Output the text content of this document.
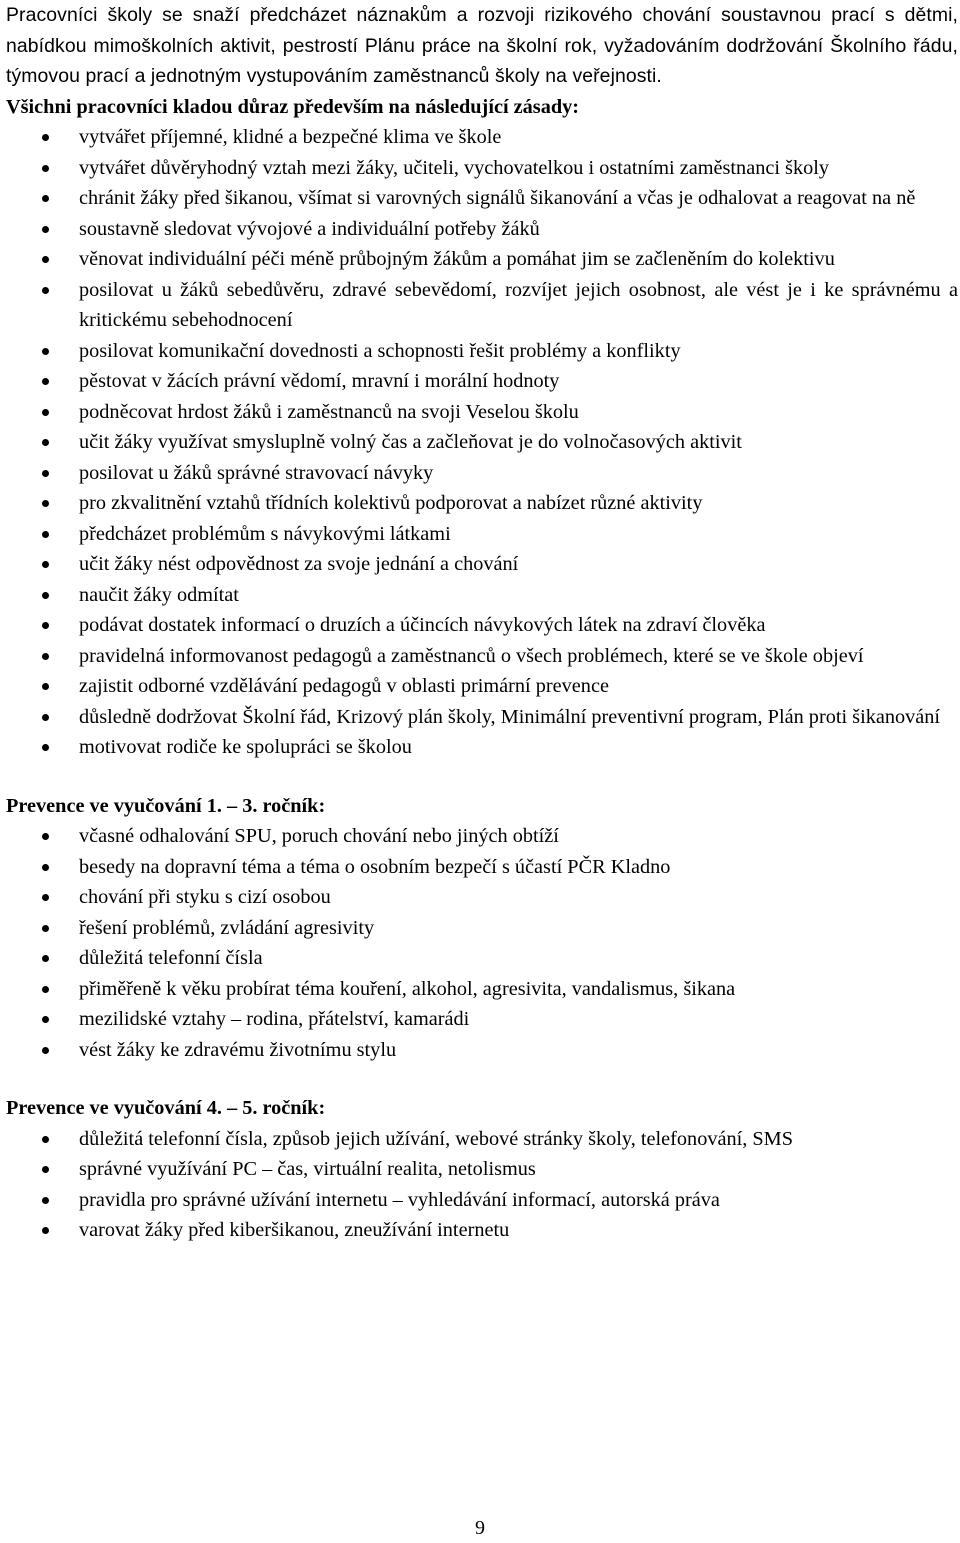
Pracovníci školy se snaží předcházet náznakům a rozvoji rizikového chování soustavnou prací s dětmi, nabídkou mimoškolních aktivit, pestrostí Plánu práce na školní rok, vyžadováním dodržování Školního řádu, týmovou prací a jednotným vystupováním zaměstnanců školy na veřejnosti.

Všichni pracovníci kladou důraz především na následující zásady:

vytvářet příjemné, klidné a bezpečné klima ve škole
vytvářet důvěryhodný vztah mezi žáky, učiteli, vychovatelkou i ostatními zaměstnanci školy
chránit žáky před šikanou, všímat si varovných signálů šikanování a včas je odhalovat a reagovat na ně
soustavně sledovat vývojové a individuální potřeby žáků
věnovat individuální péči méně průbojným žákům a pomáhat jim se začleněním do kolektivu
posilovat u žáků sebedůvěru, zdravé sebevědomí, rozvíjet jejich osobnost, ale vést je i ke správnému a kritickému sebehodnocení
posilovat komunikační dovednosti a schopnosti řešit problémy a konflikty
pěstovat v žácích právní vědomí, mravní i morální hodnoty
podněcovat hrdost žáků i zaměstnanců na svoji Veselou školu
učit žáky využívat smysluplně volný čas a začleňovat je do volnočasových aktivit
posilovat u žáků správné stravovací návyky
pro zkvalitnění vztahů třídních kolektivů podporovat a nabízet různé aktivity
předcházet problémům s návykovými látkami
učit žáky nést odpovědnost za svoje jednání a chování
naučit žáky odmítat
podávat dostatek informací o druzích a účincích návykových látek na zdraví člověka
pravidelná informovanost pedagogů a zaměstnanců o všech problémech, které se ve škole objeví
zajistit odborné vzdělávání pedagogů v oblasti primární prevence
důsledně dodržovat Školní řád, Krizový plán školy, Minimální preventivní program, Plán proti šikanování
motivovat rodiče ke spolupráci se školou

Prevence ve vyučování 1. – 3. ročník:

včasné odhalování SPU, poruch chování nebo jiných obtíží
besedy na dopravní téma a téma o osobním bezpečí s účastí PČR Kladno
chování při styku s cizí osobou
řešení problémů, zvládání agresivity
důležitá telefonní čísla
přiměřeně k věku probírat téma kouření, alkohol, agresivita, vandalismus, šikana
mezilidské vztahy – rodina, přátelství, kamarádi
vést žáky ke zdravému životnímu stylu

Prevence ve vyučování 4. – 5. ročník:

důležitá telefonní čísla, způsob jejich užívání, webové stránky školy, telefonování, SMS
správné využívání PC – čas, virtuální realita, netolismus
pravidla pro správné užívání internetu – vyhledávání informací, autorská práva
varovat žáky před kiberšikanou, zneužívání internetu
9
